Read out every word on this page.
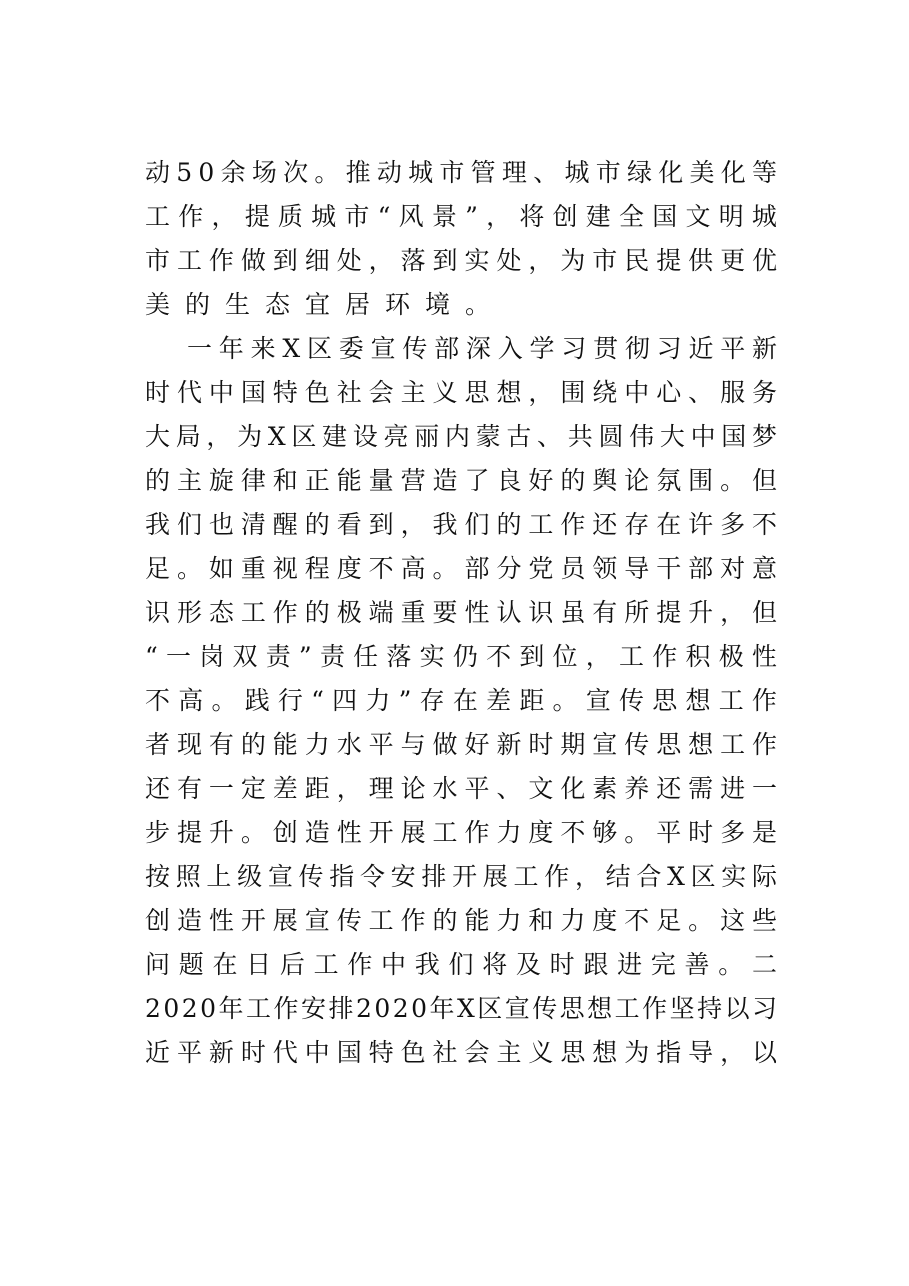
动50余场次。推动城市管理、城市绿化美化等
工作，提质城市“风景”，将创建全国文明城
市工作做到细处，落到实处，为市民提供更优
美的生态宜居环境。
一年来X区委宣传部深入学习贯彻习近平新
时代中国特色社会主义思想，围绕中心、服务
大局，为X区建设亮丽内蒙古、共圆伟大中国梦
的主旋律和正能量营造了良好的舆论氛围。但
我们也清醒的看到，我们的工作还存在许多不
足。如重视程度不高。部分党员领导干部对意
识形态工作的极端重要性认识虽有所提升，但
“一岗双责”责任落实仍不到位，工作积极性
不高。践行“四力”存在差距。宣传思想工作
者现有的能力水平与做好新时期宣传思想工作
还有一定差距，理论水平、文化素养还需进一
步提升。创造性开展工作力度不够。平时多是
按照上级宣传指令安排开展工作，结合X区实际
创造性开展宣传工作的能力和力度不足。这些
问题在日后工作中我们将及时跟进完善。二
2020年工作安排2020年X区宣传思想工作坚持以习
近平新时代中国特色社会主义思想为指导，以
